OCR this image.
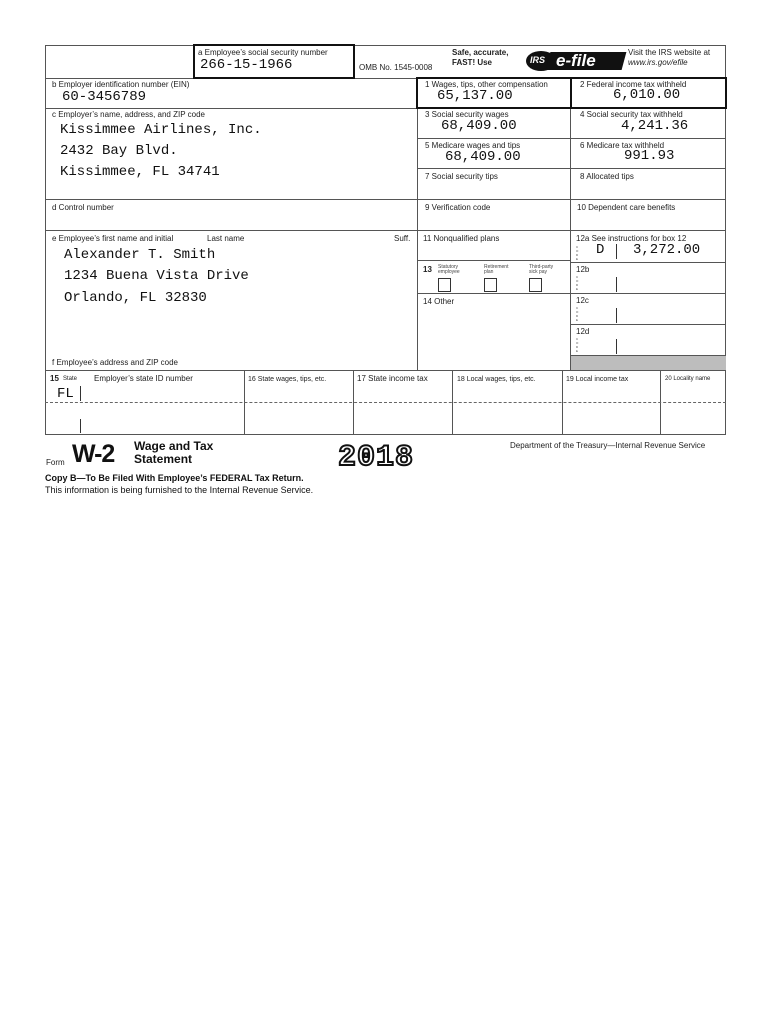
a Employee’s social security number
266-15-1966	OMB No. 1545-0008
Safe, accurate,
FAST! Use	IRS e-file	Visit the IRS website at
www.irs.gov/efile
b Employer identification number (EIN)
60-3456789
1 Wages, tips, other compensation
65,137.00
2 Federal income tax withheld
6,010.00
c Employer’s name, address, and ZIP code
Kissimmee Airlines, Inc.
2432 Bay Blvd.
Kissimmee, FL 34741
3 Social security wages
68,409.00
4 Social security tax withheld
4,241.36
5 Medicare wages and tips
68,409.00
6 Medicare tax withheld
991.93
7 Social security tips	8 Allocated tips
d Control number	9 Verification code	10 Dependent care benefits
e Employee’s first name and initial	Last name	Suff.
Alexander T. Smith
1234 Buena Vista Drive
Orlando, FL 32830
f Employee’s address and ZIP code
11 Nonqualified plans
13 Statutory employee
Retirement plan
Third-party sick pay
14 Other
12a See instructions for box 12
C O D E
D 3,272.00
12b
C O D E
12c
C O D E
12d
C O D E
15 State Employer’s state ID number
FL
16 State wages, tips, etc.	17 State income tax	18 Local wages, tips, etc.	19 Local income tax	20 Locality name
Form W-2 Wage and Tax
Statement	2018	Department of the Treasury—Internal Revenue Service
Copy B—To Be Filed With Employee’s FEDERAL Tax Return.
This information is being furnished to the Internal Revenue Service.
